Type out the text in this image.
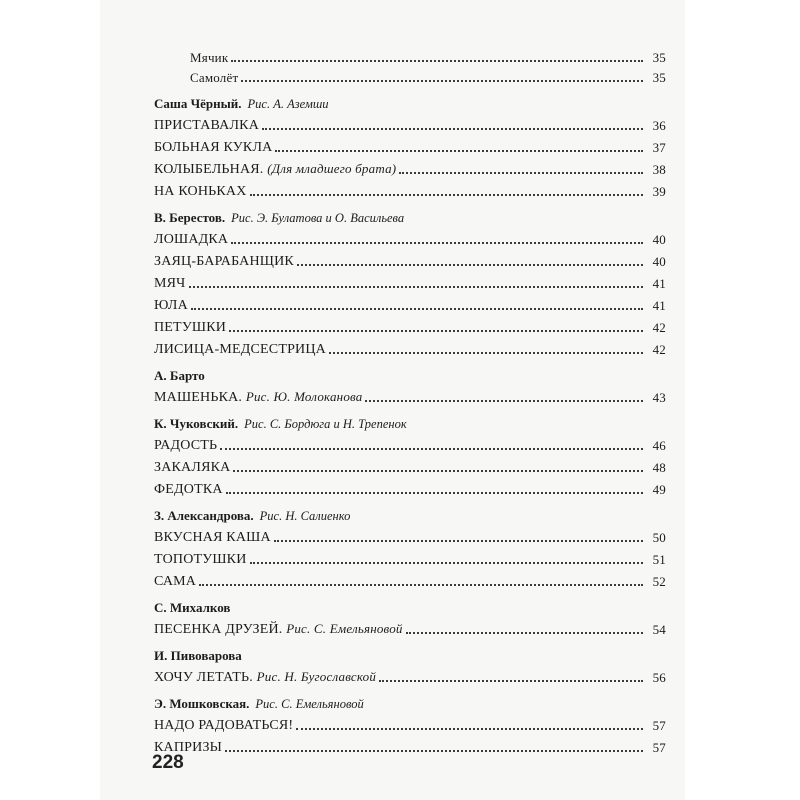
Мячик	35
Самолёт	35
Саша Чёрный. Рис. А. Аземши
ПРИСТАВАЛКА	36
БОЛЬНАЯ КУКЛА	37
КОЛЫБЕЛЬНАЯ. (Для младшего брата)	38
НА КОНЬКАХ	39
В. Берестов. Рис. Э. Булатова и О. Васильева
ЛОШАДКА	40
ЗАЯЦ-БАРАБАНЩИК	40
МЯЧ	41
ЮЛА	41
ПЕТУШКИ	42
ЛИСИЦА-МЕДСЕСТРИЦА	42
А. Барто
МАШЕНЬКА. Рис. Ю. Молоканова	43
К. Чуковский. Рис. С. Бордюга и Н. Трепенок
РАДОСТЬ	46
ЗАКАЛЯКА	48
ФЕДОТКА	49
З. Александрова. Рис. Н. Салиенко
ВКУСНАЯ КАША	50
ТОПОТУШКИ	51
САМА	52
С. Михалков
ПЕСЕНКА ДРУЗЕЙ. Рис. С. Емельяновой	54
И. Пивоварова
ХОЧУ ЛЕТАТЬ. Рис. Н. Бугославской	56
Э. Мошковская. Рис. С. Емельяновой
НАДО РАДОВАТЬСЯ!	57
КАПРИЗЫ	57
228
